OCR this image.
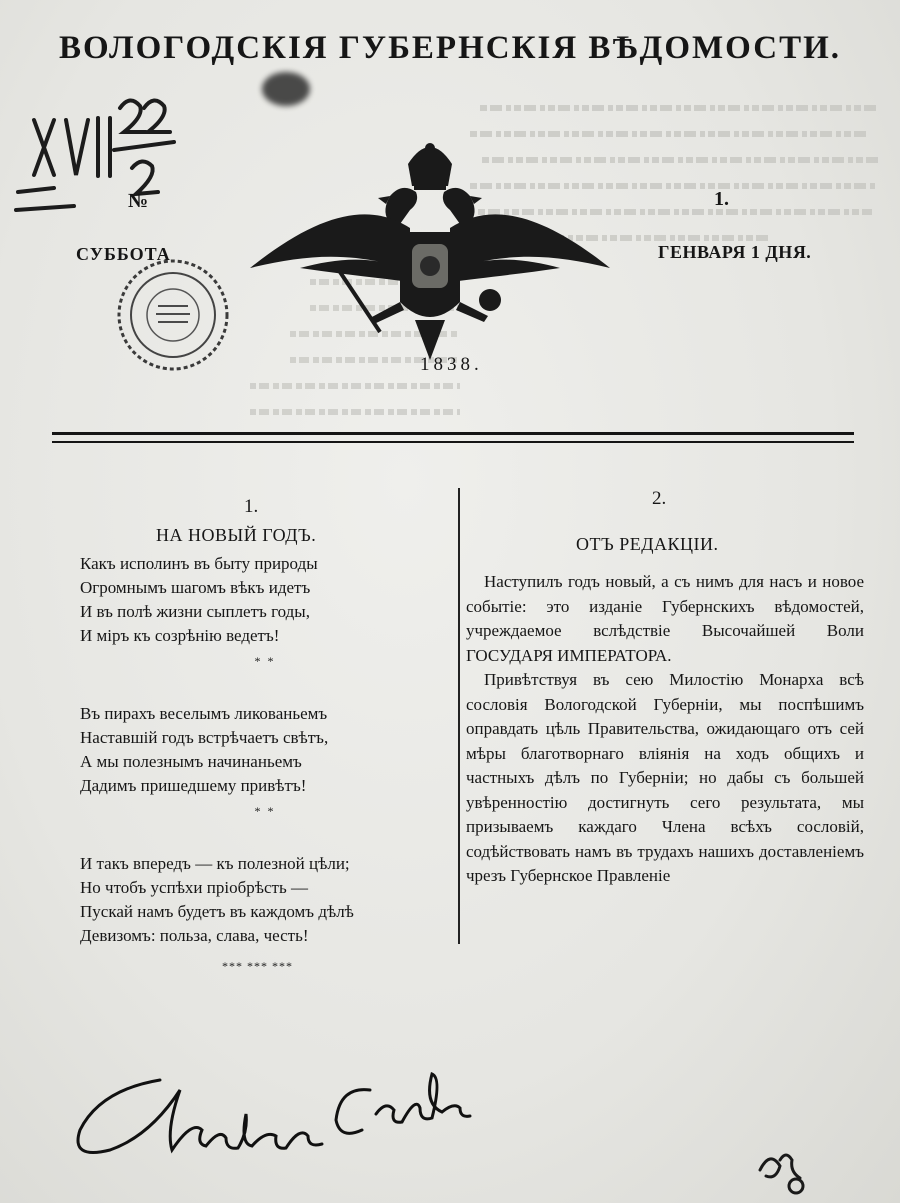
ВОЛОГОДСКIЯ ГУБЕРНСКIЯ ВѢДОМОСТИ.
№	1.
СУББОТА	ГЕНВАРЯ 1 ДНЯ.
1838.
1.
НА НОВЫЙ ГОДЪ.
Какъ исполинъ въ быту природы
Огромнымъ шагомъ вѣкъ идетъ
И въ полѣ жизни сыплетъ годы,
И мiръ къ созрѣнiю ведетъ!
* *
Въ пирахъ веселымъ ликованьемъ
Наставшiй годъ встрѣчаетъ свѣтъ,
А мы полезнымъ начинаньемъ
Дадимъ пришедшему привѣтъ!
* *
И такъ впередъ — къ полезной цѣли;
Но чтобъ успѣхи прiобрѣсть —
Пускай намъ будетъ въ каждомъ дѣлѣ
Девизомъ: польза, слава, честь!
*** *** ***
2.
ОТЪ РЕДАКЦIИ.

Наступилъ годъ новый, а съ нимъ для насъ и новое событiе: это изданiе Губернскихъ вѣдомостей, учреждаемое вслѣдствiе Высочайшей Воли ГОСУДАРЯ ИМПЕРАТОРА.

Привѣтствуя въ сею Милостiю Монарха всѣ сословiя Вологодской Губернiи, мы поспѣшимъ оправдать цѣль Правительства, ожидающаго отъ сей мѣры благотворнаго влiянiя на ходъ общихъ и частныхъ дѣлъ по Губернiи; но дабы съ большей увѣренностiю достигнуть сего результата, мы призываемъ каждаго Члена всѣхъ сословiй, содѣйствовать намъ въ трудахъ нашихъ доставленiемъ чрезъ Губернское Правленiе
